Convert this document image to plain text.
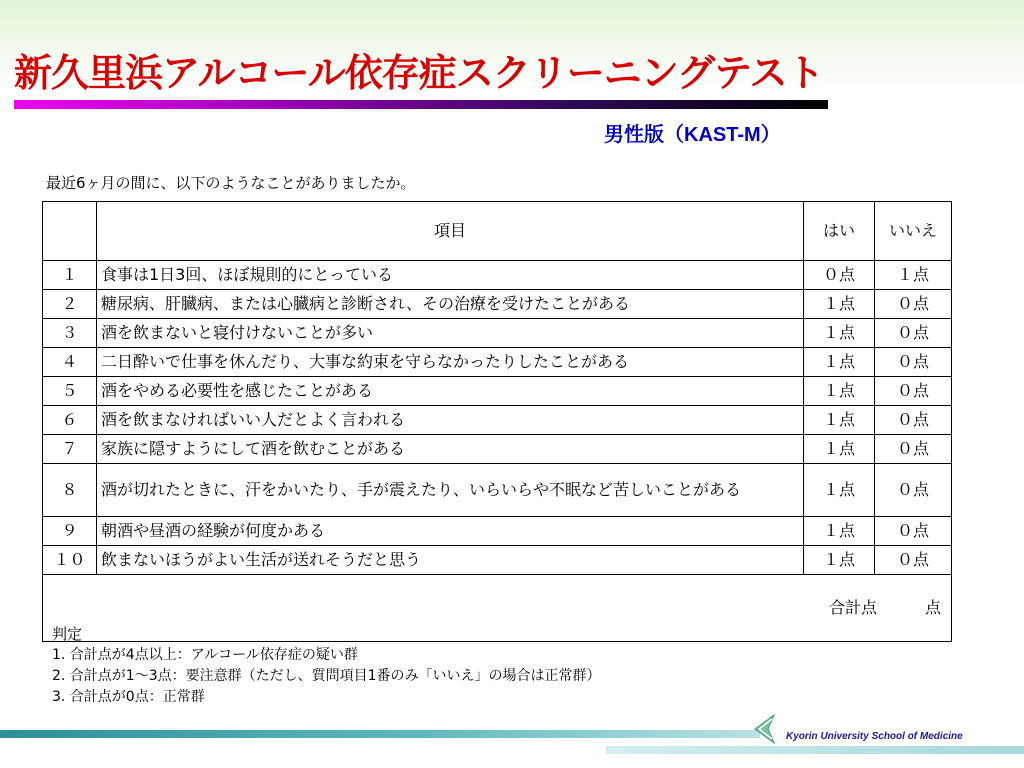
新久里浜アルコール依存症スクリーニングテスト
男性版（KAST-M）
最近6ヶ月の間に、以下のようなことがありましたか。
	項目	はい	いいえ
１	食事は1日3回、ほぼ規則的にとっている	０点	１点
２	糖尿病、肝臓病、または心臓病と診断され、その治療を受けたことがある	１点	０点
３	酒を飲まないと寝付けないことが多い	１点	０点
４	二日酔いで仕事を休んだり、大事な約束を守らなかったりしたことがある	１点	０点
５	酒をやめる必要性を感じたことがある	１点	０点
６	酒を飲まなければいい人だとよく言われる	１点	０点
７	家族に隠すようにして酒を飲むことがある	１点	０点
８	酒が切れたときに、汗をかいたり、手が震えたり、いらいらや不眠など苦しいことがある	１点	０点
９	朝酒や昼酒の経験が何度かある	１点	０点
１０	飲まないほうがよい生活が送れそうだと思う	１点	０点
合計点 点			
判定
1. 合計点が4点以上：アルコール依存症の疑い群
2. 合計点が1～3点：要注意群（ただし、質問項目1番のみ「いいえ」の場合は正常群）
3. 合計点が0点：正常群
Kyorin University School of Medicine
